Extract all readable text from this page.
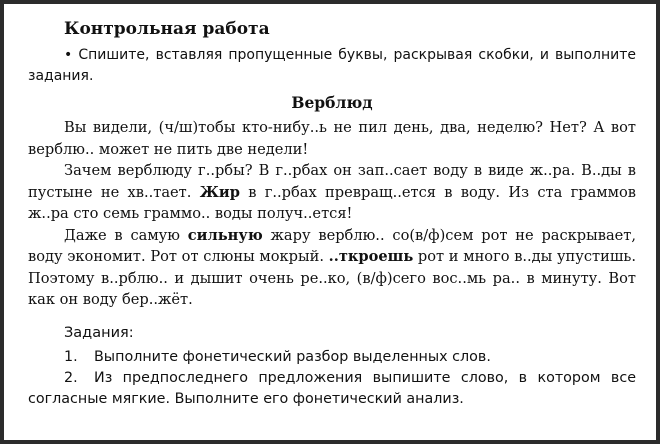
Контрольная работа
• Спишите, вставляя пропущенные буквы, раскрывая скобки, и выполните задания.
Верблюд

Вы видели, (ч/ш)тобы кто-нибу..ь не пил день, два, неделю? Нет? А вот верблю.. может не пить две недели!

Зачем верблюду г..рбы? В г..рбах он зап..сает воду в виде ж..ра. В..ды в пустыне не хв..тает. Жир в г..рбах превращ..ется в воду. Из ста граммов ж..ра сто семь граммо.. воды получ..ется!

Даже в самую сильную жару верблю.. со(в/ф)сем рот не раскрывает, воду экономит. Рот от слюны мокрый. ..ткроешь рот и много в..ды упустишь. Поэтому в..рблю.. и дышит очень ре..ко, (в/ф)сего вос..мь ра.. в минуту. Вот как он воду бер..жёт.

Задания:

1. Выполните фонетический разбор выделенных слов.

2. Из предпоследнего предложения выпишите слово, в котором все согласные мягкие. Выполните его фонетический анализ.
